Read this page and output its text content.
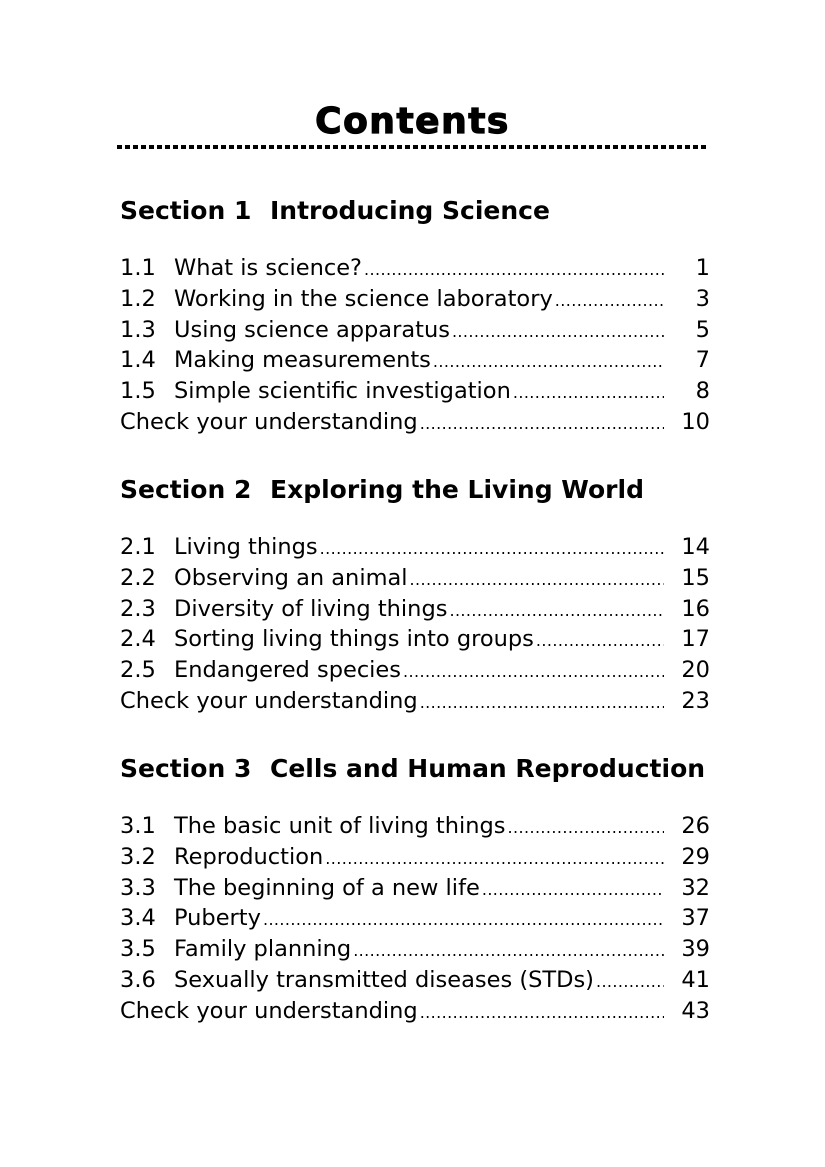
Contents
Section 1 Introducing Science
1.1 What is science? .....	1
1.2 Working in the science laboratory .....	3
1.3 Using science apparatus .....	5
1.4 Making measurements .....	7
1.5 Simple scientific investigation .....	8
Check your understanding .....	10
Section 2 Exploring the Living World
2.1 Living things .....	14
2.2 Observing an animal .....	15
2.3 Diversity of living things .....	16
2.4 Sorting living things into groups .....	17
2.5 Endangered species .....	20
Check your understanding .....	23
Section 3 Cells and Human Reproduction
3.1 The basic unit of living things .....	26
3.2 Reproduction .....	29
3.3 The beginning of a new life .....	32
3.4 Puberty .....	37
3.5 Family planning .....	39
3.6 Sexually transmitted diseases (STDs) .....	41
Check your understanding .....	43
